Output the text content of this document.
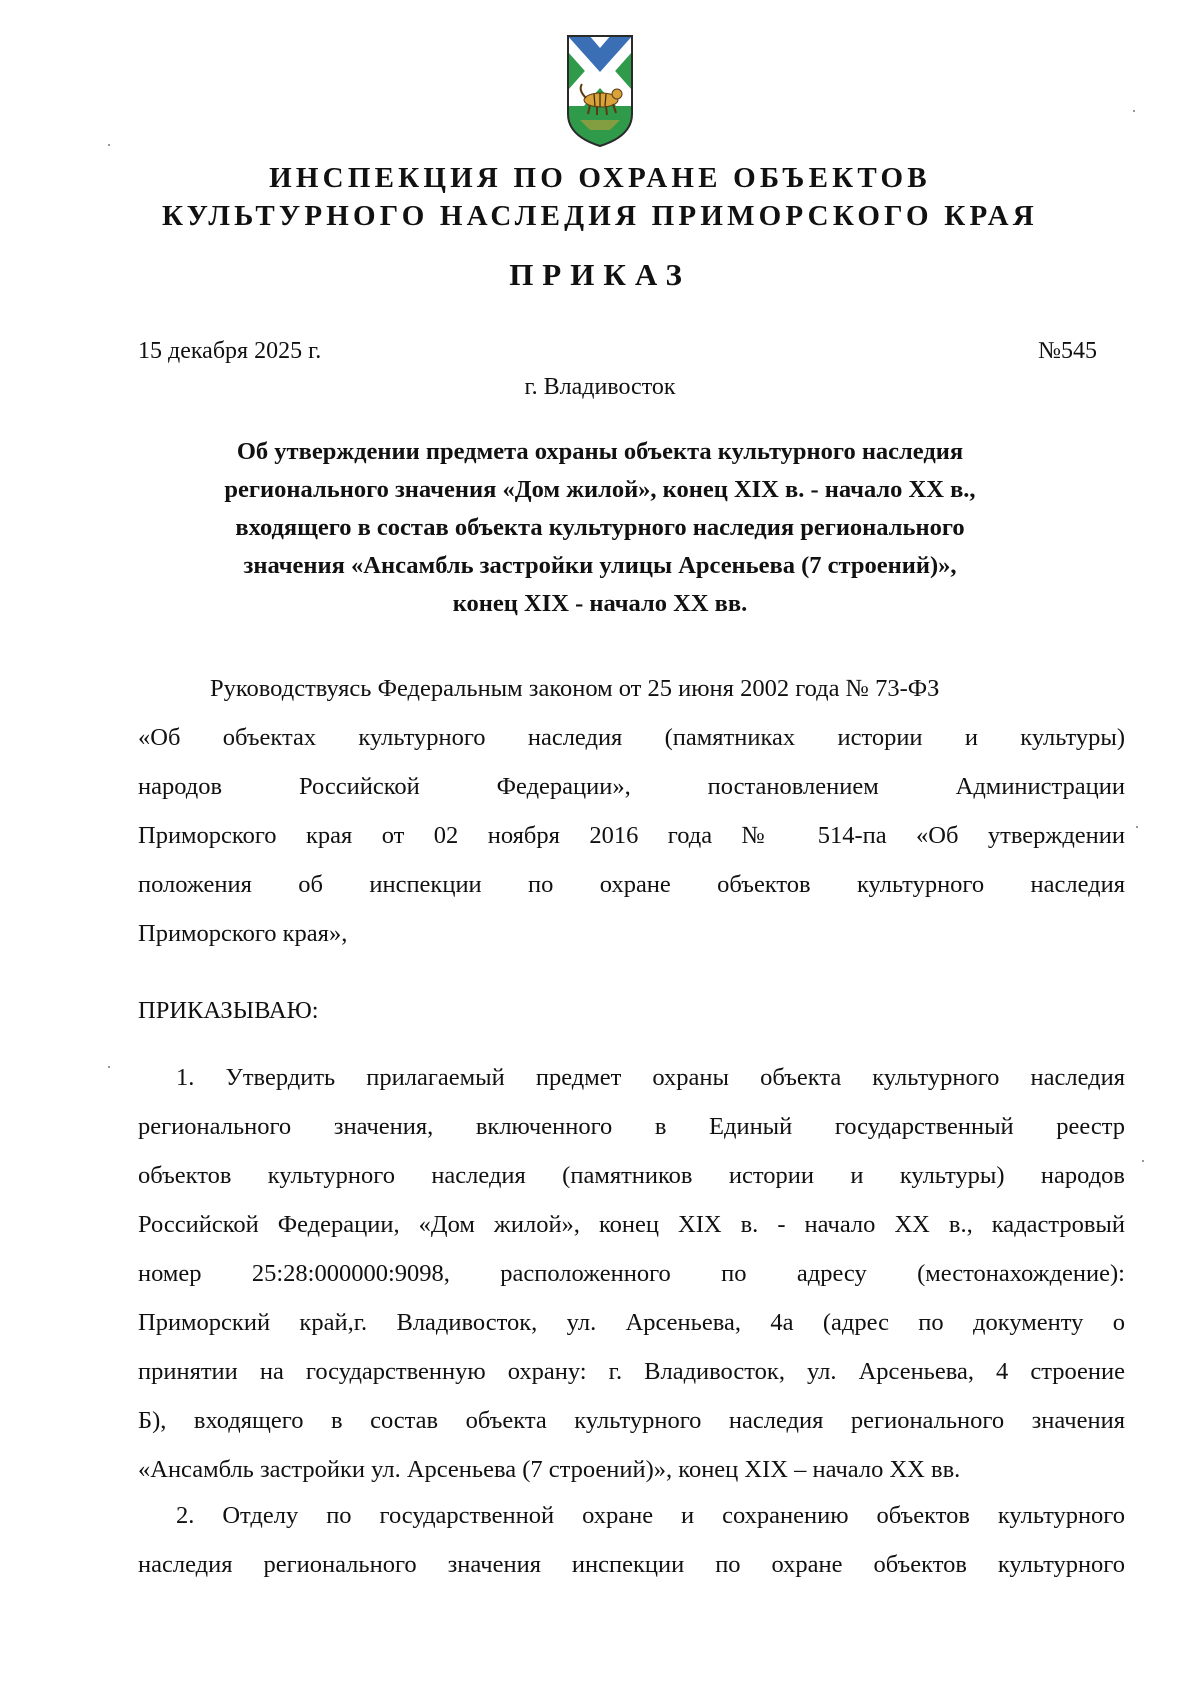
ИНСПЕКЦИЯ ПО ОХРАНЕ ОБЪЕКТОВ
КУЛЬТУРНОГО НАСЛЕДИЯ ПРИМОРСКОГО КРАЯ
ПРИКАЗ
15 декабря 2025 г.	№545
г. Владивосток
Об утверждении предмета охраны объекта культурного наследия
регионального значения «Дом жилой», конец XIX в. - начало XX в.,
входящего в состав объекта культурного наследия регионального
значения «Ансамбль застройки улицы Арсеньева (7 строений)»,
конец XIX - начало XX вв.

Руководствуясь Федеральным законом от 25 июня 2002 года № 73-ФЗ
«Об объектах культурного наследия (памятниках истории и культуры)
народов Российской Федерации», постановлением Администрации
Приморского края от 02 ноября 2016 года № 514-па «Об утверждении
положения об инспекции по охране объектов культурного наследия
Приморского края»,

ПРИКАЗЫВАЮ:

1. Утвердить прилагаемый предмет охраны объекта культурного наследия
регионального значения, включенного в Единый государственный реестр
объектов культурного наследия (памятников истории и культуры) народов
Российской Федерации, «Дом жилой», конец XIX в. - начало XX в., кадастровый
номер 25:28:000000:9098, расположенного по адресу (местонахождение):
Приморский край,г. Владивосток, ул. Арсеньева, 4а (адрес по документу о
принятии на государственную охрану: г. Владивосток, ул. Арсеньева, 4 строение
Б), входящего в состав объекта культурного наследия регионального значения
«Ансамбль застройки ул. Арсеньева (7 строений)», конец XIX – начало XX вв.

2. Отделу по государственной охране и сохранению объектов культурного
наследия регионального значения инспекции по охране объектов культурного
